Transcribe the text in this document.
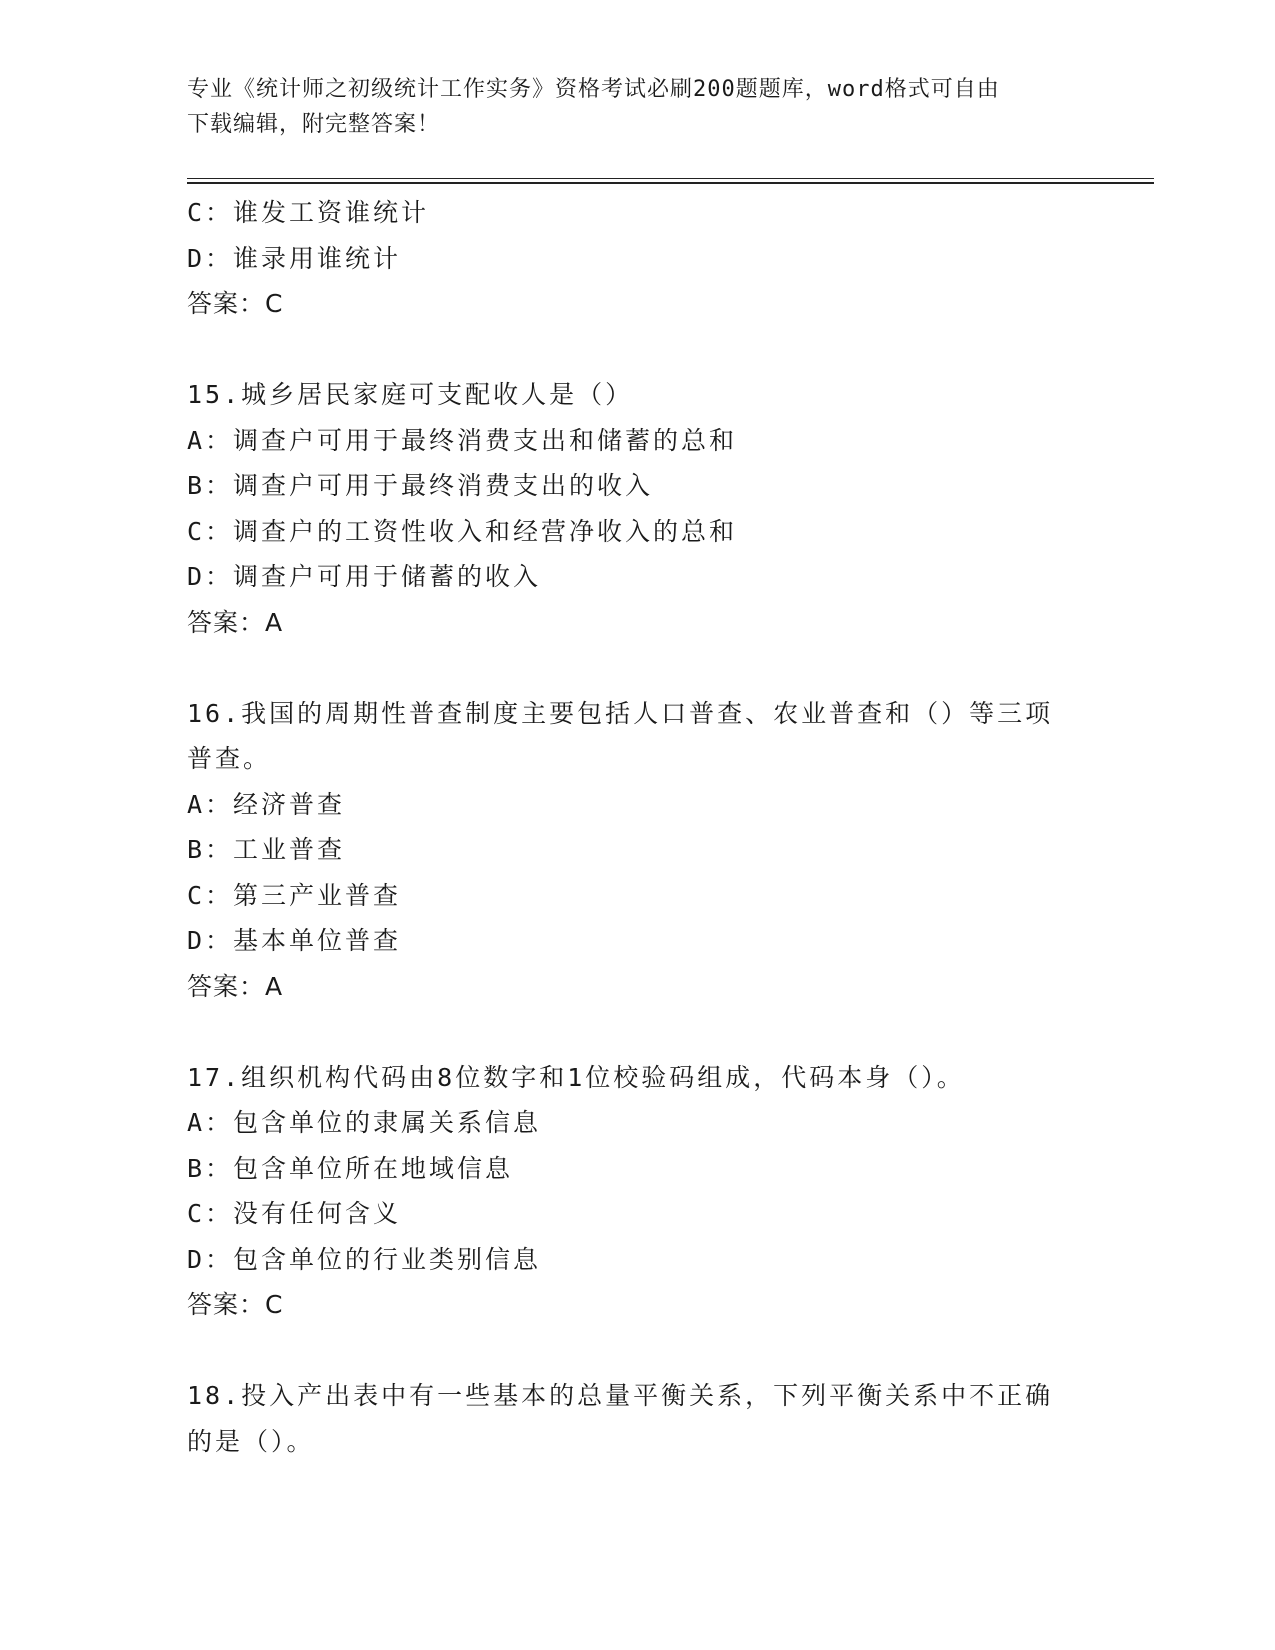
专业《统计师之初级统计工作实务》资格考试必刷200题题库，word格式可自由
下载编辑，附完整答案！
C：谁发工资谁统计
D：谁录用谁统计
答案：C
15.城乡居民家庭可支配收人是（）
A：调查户可用于最终消费支出和储蓄的总和
B：调查户可用于最终消费支出的收入
C：调查户的工资性收入和经营净收入的总和
D：调查户可用于储蓄的收入
答案：A
16.我国的周期性普查制度主要包括人口普查、农业普查和（）等三项
普查。
A：经济普查
B：工业普查
C：第三产业普查
D：基本单位普查
答案：A
17.组织机构代码由8位数字和1位校验码组成，代码本身（）。
A：包含单位的隶属关系信息
B：包含单位所在地域信息
C：没有任何含义
D：包含单位的行业类别信息
答案：C
18.投入产出表中有一些基本的总量平衡关系，下列平衡关系中不正确
的是（）。
